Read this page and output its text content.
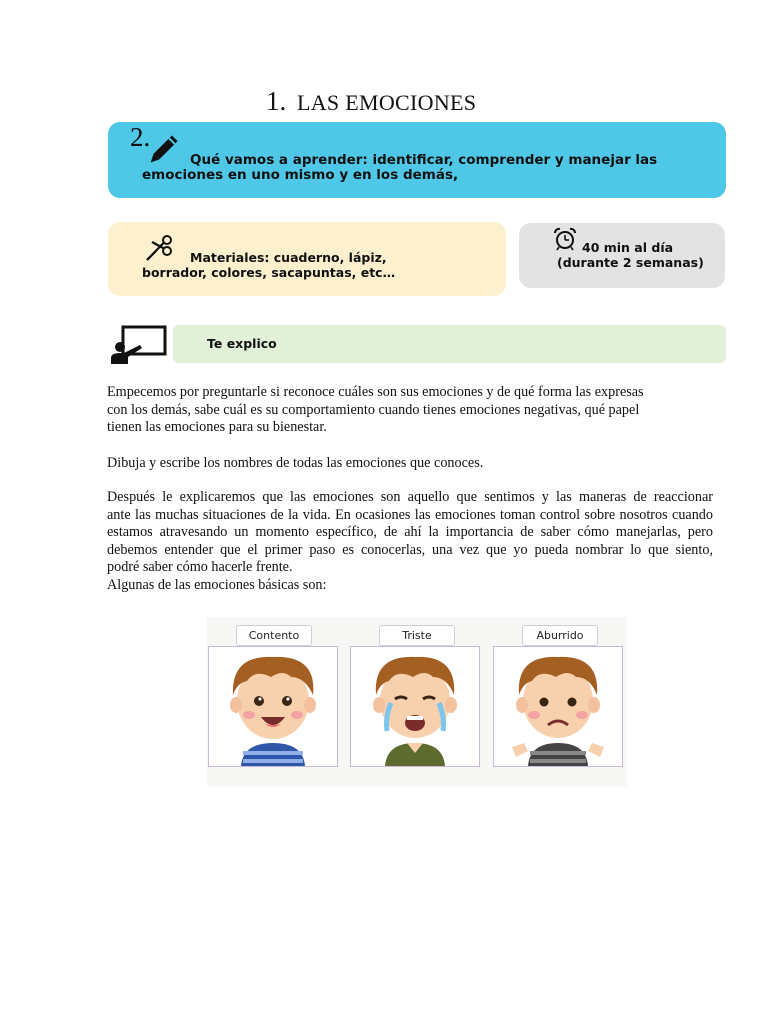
1. LAS EMOCIONES
2.
Qué vamos a aprender: identificar, comprender y manejar las
emociones en uno mismo y en los demás,
Materiales: cuaderno, lápiz,
borrador, colores, sacapuntas, etc…
40 min al día
(durante 2 semanas)
Te explico
Empecemos por preguntarle si reconoce cuáles son sus emociones y de qué forma las expresas
con los demás, sabe cuál es su comportamiento cuando tienes emociones negativas, qué papel
tienen las emociones para su bienestar.
Dibuja y escribe los nombres de todas las emociones que conoces.
Después le explicaremos que las emociones son aquello que sentimos y las maneras de reaccionar
ante las muchas situaciones de la vida. En ocasiones las emociones toman control sobre nosotros cuando
estamos atravesando un momento específico, de ahí la importancia de saber cómo manejarlas, pero
debemos entender que el primer paso es conocerlas, una vez que yo pueda nombrar lo que siento,
podré saber cómo hacerle frente.
Algunas de las emociones básicas son:
Contento	Triste	Aburrido
